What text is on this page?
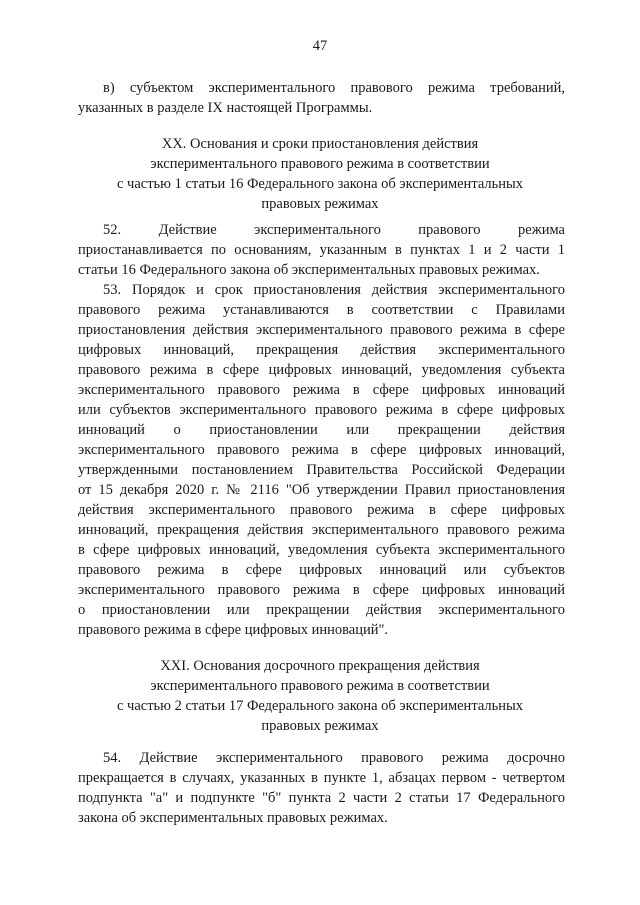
47
в) субъектом экспериментального правового режима требований,
указанных в разделе IX настоящей Программы.
XX. Основания и сроки приостановления действия
экспериментального правового режима в соответствии
с частью 1 статьи 16 Федерального закона об экспериментальных
правовых режимах
52. Действие экспериментального правового режима
приостанавливается по основаниям, указанным в пунктах 1 и 2 части 1
статьи 16 Федерального закона об экспериментальных правовых режимах.
53. Порядок и срок приостановления действия экспериментального
правового режима устанавливаются в соответствии с Правилами
приостановления действия экспериментального правового режима в сфере
цифровых инноваций, прекращения действия экспериментального
правового режима в сфере цифровых инноваций, уведомления субъекта
экспериментального правового режима в сфере цифровых инноваций
или субъектов экспериментального правового режима в сфере цифровых
инноваций о приостановлении или прекращении действия
экспериментального правового режима в сфере цифровых инноваций,
утвержденными постановлением Правительства Российской Федерации
от 15 декабря 2020 г. № 2116 "Об утверждении Правил приостановления
действия экспериментального правового режима в сфере цифровых
инноваций, прекращения действия экспериментального правового режима
в сфере цифровых инноваций, уведомления субъекта экспериментального
правового режима в сфере цифровых инноваций или субъектов
экспериментального правового режима в сфере цифровых инноваций
о приостановлении или прекращении действия экспериментального
правового режима в сфере цифровых инноваций".
XXI. Основания досрочного прекращения действия
экспериментального правового режима в соответствии
с частью 2 статьи 17 Федерального закона об экспериментальных
правовых режимах
54. Действие экспериментального правового режима досрочно
прекращается в случаях, указанных в пункте 1, абзацах первом - четвертом
подпункта "а" и подпункте "б" пункта 2 части 2 статьи 17 Федерального
закона об экспериментальных правовых режимах.
